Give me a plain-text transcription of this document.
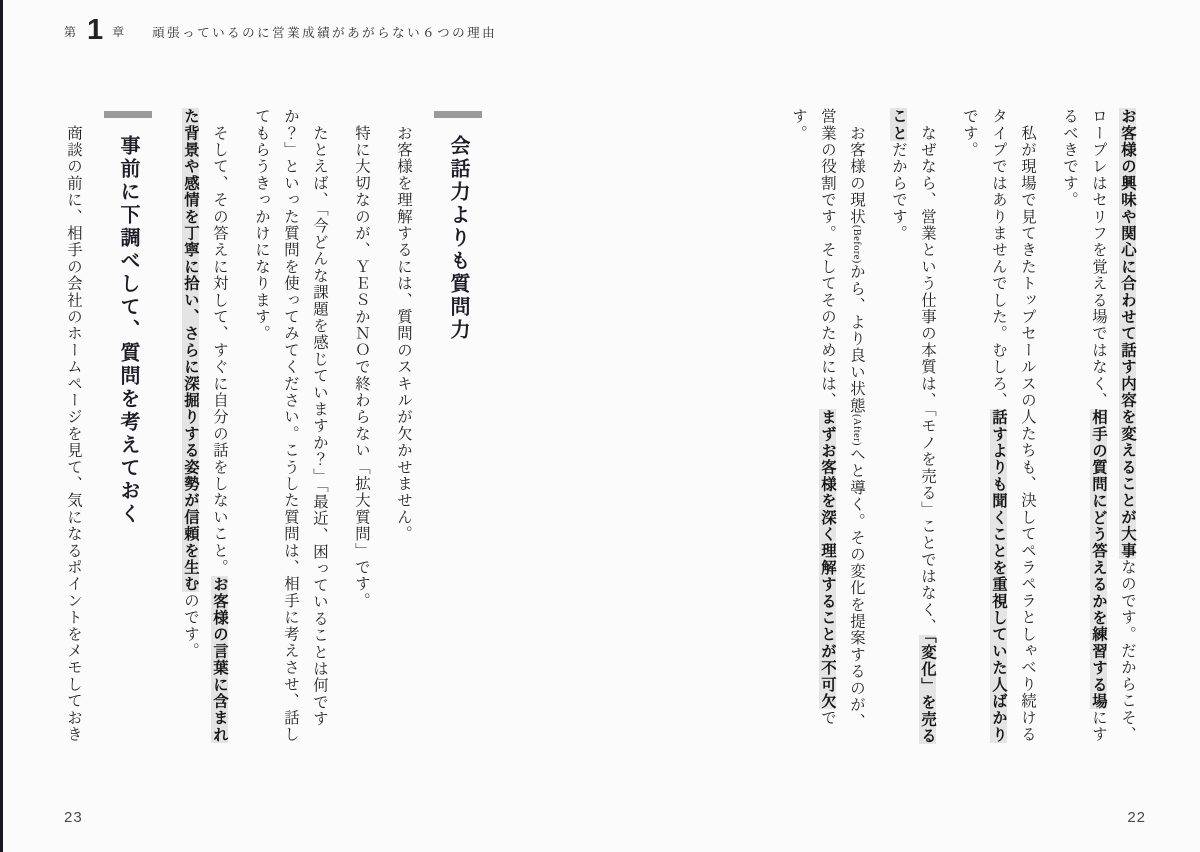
第 1 章 頑張っているのに営業成績があがらない６つの理由

お客様の興味や関心に合わせて話す内容を変えることが大事なのです。だからこそ、ロープレはセリフを覚える場ではなく、相手の質問にどう答えるかを練習する場にするべきです。

　私が現場で見てきたトップセールスの人たちも、決してペラペラとしゃべり続けるタイプではありませんでした。むしろ、話すよりも聞くことを重視していた人ばかりです。

　なぜなら、営業という仕事の本質は、「モノを売る」ことではなく、「変化」を売ることだからです。

　お客様の現状(Before)から、より良い状態(After)へと導く。その変化を提案するのが、営業の役割です。そしてそのためには、まずお客様を深く理解することが不可欠です。

会話力よりも質問力

　お客様を理解するには、質問のスキルが欠かせません。

　特に大切なのが、ＹＥＳかＮＯで終わらない「拡大質問」です。

　たとえば、「今どんな課題を感じていますか？」「最近、困っていることは何ですか？」といった質問を使ってみてください。こうした質問は、相手に考えさせ、話してもらうきっかけになります。

　そして、その答えに対して、すぐに自分の話をしないこと。お客様の言葉に含まれた背景や感情を丁寧に拾い、さらに深掘りする姿勢が信頼を生むのです。

事前に下調べして、質問を考えておく

　商談の前に、相手の会社のホームページを見て、気になるポイントをメモしておき

23	22
